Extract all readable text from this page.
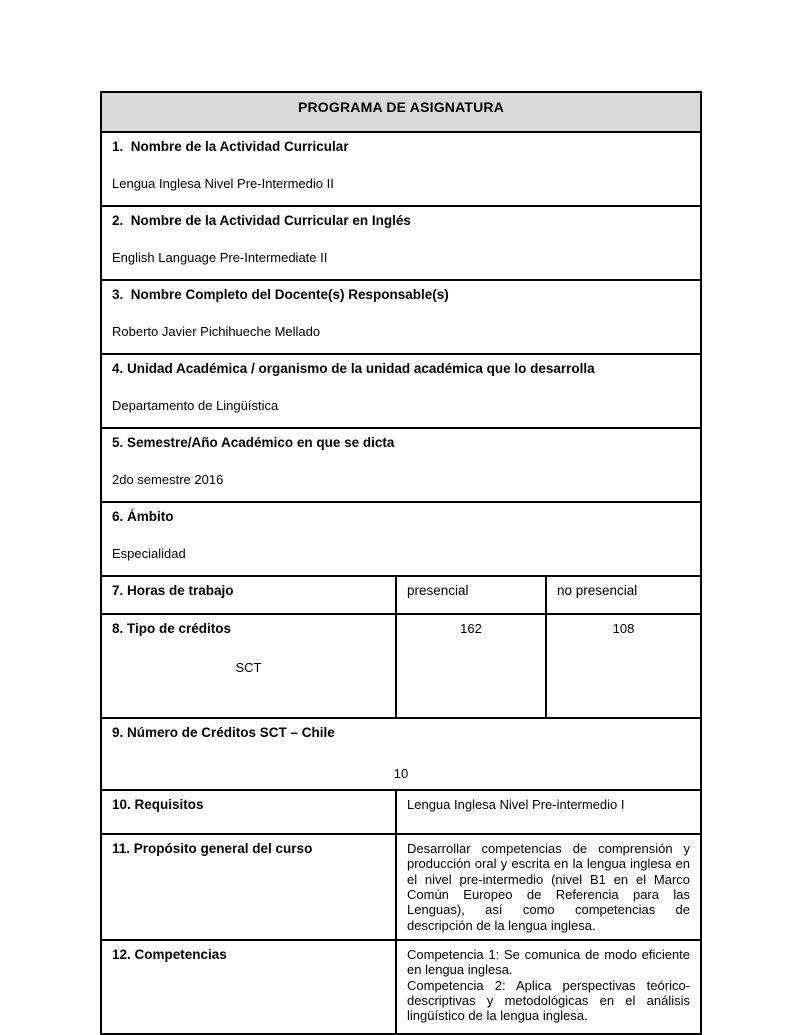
PROGRAMA DE ASIGNATURA		

1.  Nombre de la Actividad Curricular
Lengua Inglesa Nivel Pre-Intermedio II		

2.  Nombre de la Actividad Curricular en Inglés
English Language Pre-Intermediate II		

3.  Nombre Completo del Docente(s) Responsable(s)
Roberto Javier Pichihueche Mellado		

4. Unidad Académica / organismo de la unidad académica que lo desarrolla
Departamento de Lingüística		

5. Semestre/Año Académico en que se dicta
2do semestre 2016		

6. Ámbito
Especialidad		

7. Horas de trabajo	presencial	no presencial

8. Tipo de créditos
SCT	162	108

9. Número de Créditos SCT – Chile
10		

10. Requisitos	Lengua Inglesa Nivel Pre-intermedio I	

11. Propósito general del curso	Desarrollar competencias de comprensión y producción oral y escrita en la lengua inglesa en el nivel pre-intermedio (nivel B1 en el Marco Común Europeo de Referencia para las Lenguas), así como competencias de descripción de la lengua inglesa.	

12. Competencias	Competencia 1: Se comunica de modo eficiente en lengua inglesa.

Competencia 2: Aplica perspectivas teórico-descriptivas y metodológicas en el análisis lingüístico de la lengua inglesa.	
